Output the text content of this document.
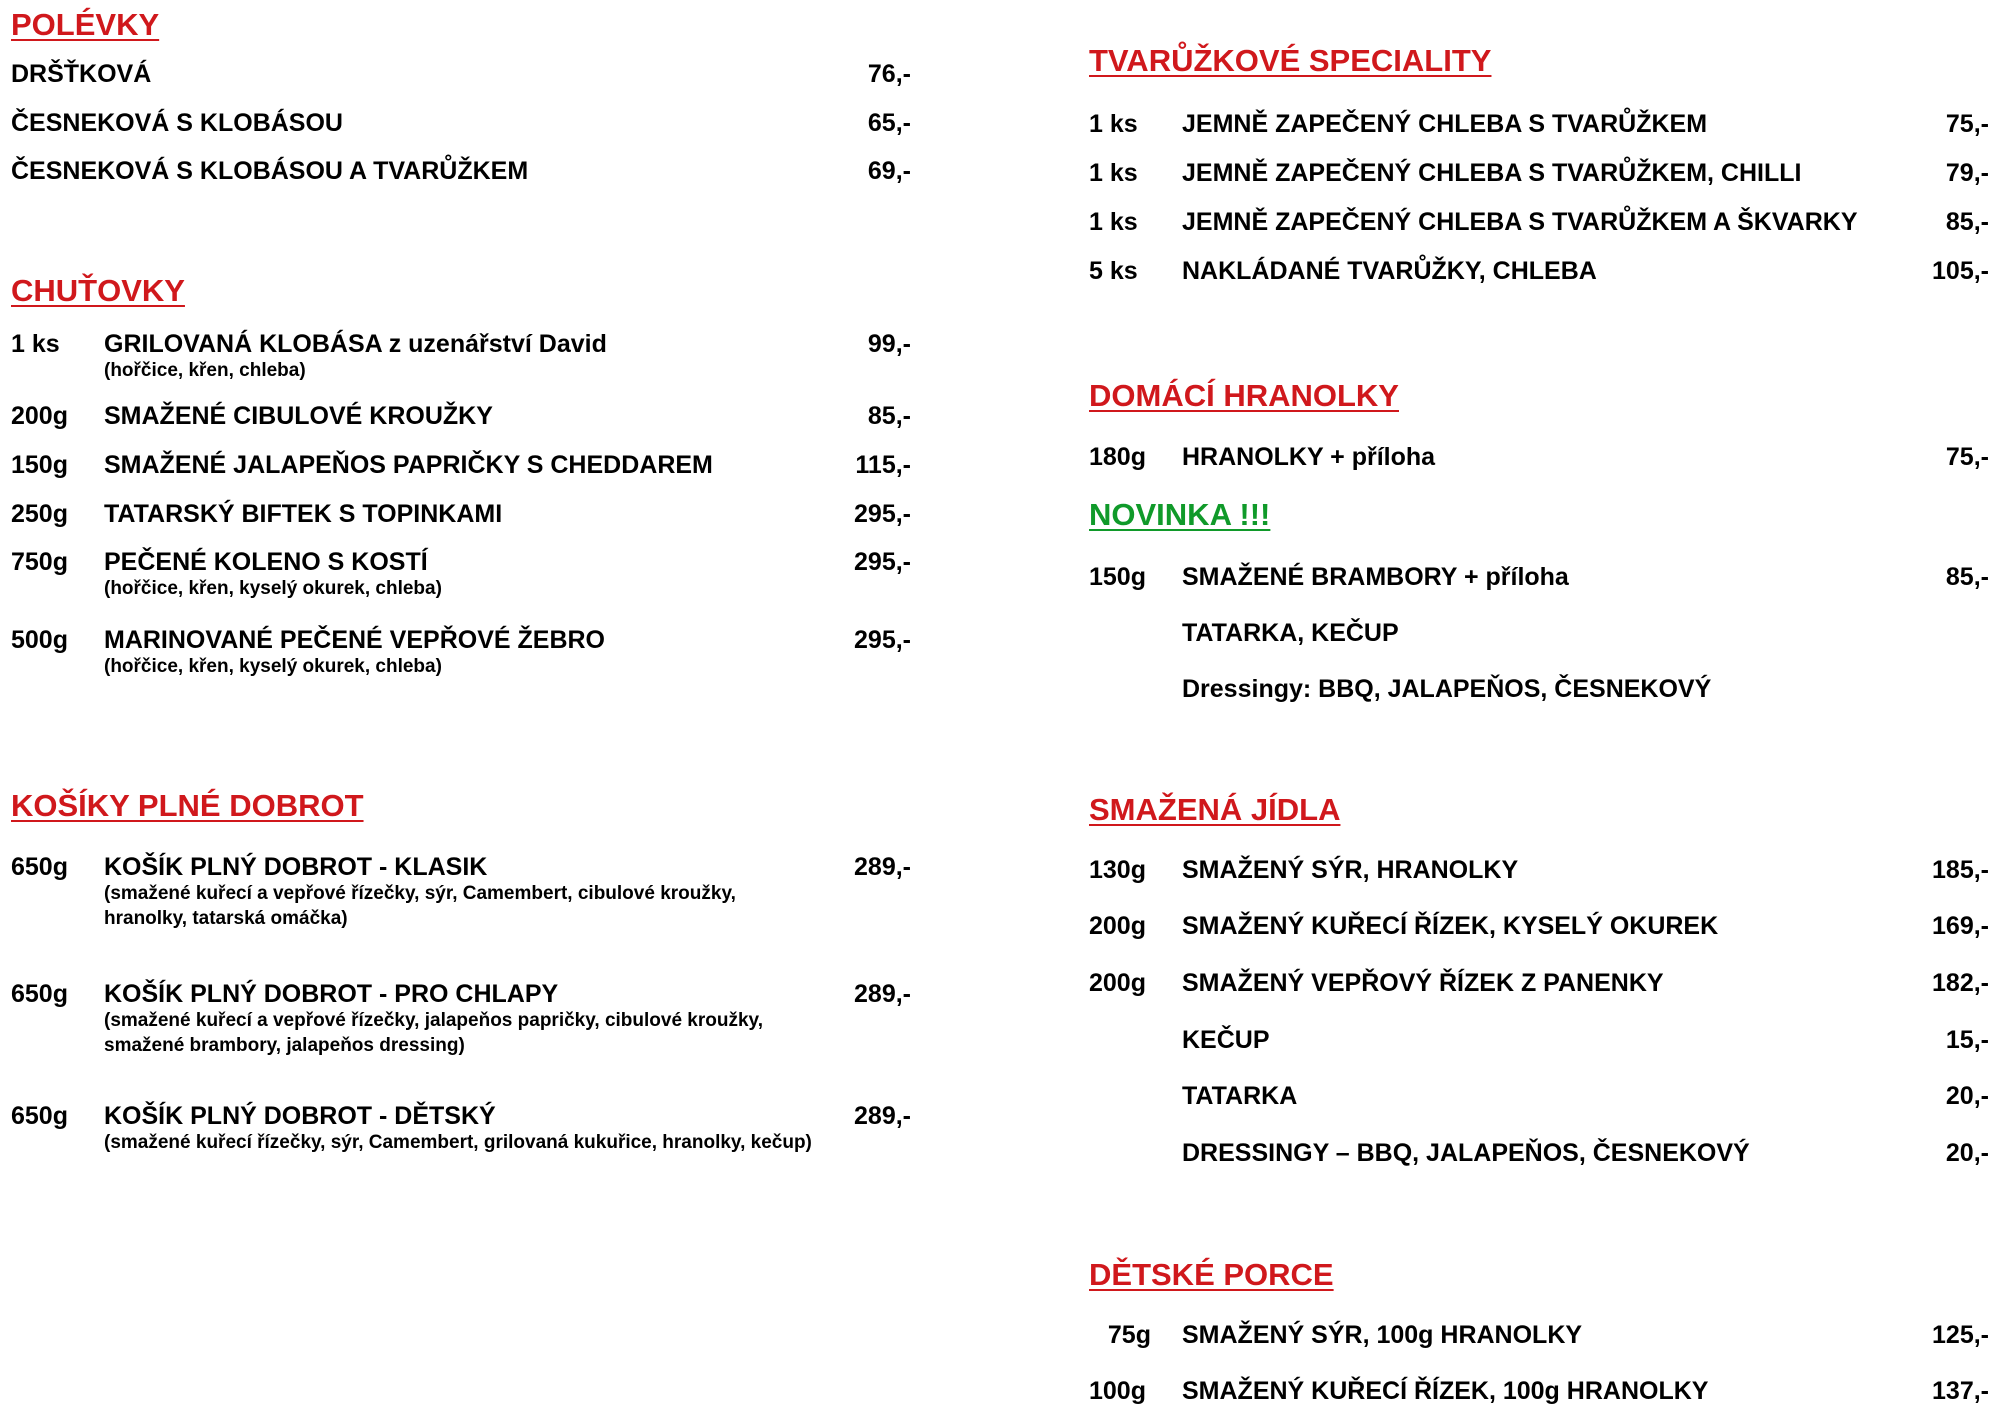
POLÉVKY
DRŠŤKOVÁ	76,-
ČESNEKOVÁ S KLOBÁSOU	65,-
ČESNEKOVÁ S KLOBÁSOU A TVARŮŽKEM	69,-
CHUŤOVKY
1 ks GRILOVANÁ KLOBÁSA z uzenářství David	99,-
(hořčice, křen, chleba)
200g SMAŽENÉ CIBULOVÉ KROUŽKY	85,-
150g SMAŽENÉ JALAPEŇOS PAPRIČKY S CHEDDAREM	115,-
250g TATARSKÝ BIFTEK S TOPINKAMI	295,-
750g PEČENÉ KOLENO S KOSTÍ	295,-
(hořčice, křen, kyselý okurek, chleba)
500g MARINOVANÉ PEČENÉ VEPŘOVÉ ŽEBRO	295,-
(hořčice, křen, kyselý okurek, chleba)
KOŠÍKY PLNÉ DOBROT
650g KOŠÍK PLNÝ DOBROT - KLASIK	289,-
(smažené kuřecí a vepřové řízečky, sýr, Camembert, cibulové kroužky, hranolky, tatarská omáčka)
650g KOŠÍK PLNÝ DOBROT - PRO CHLAPY	289,-
(smažené kuřecí a vepřové řízečky, jalapeňos papričky, cibulové kroužky, smažené brambory, jalapeňos dressing)
650g KOŠÍK PLNÝ DOBROT - DĚTSKÝ	289,-
(smažené kuřecí řízečky, sýr, Camembert, grilovaná kukuřice, hranolky, kečup)
TVARŮŽKOVÉ SPECIALITY
1 ks JEMNĚ ZAPEČENÝ CHLEBA S TVARŮŽKEM	75,-
1 ks JEMNĚ ZAPEČENÝ CHLEBA S TVARŮŽKEM, CHILLI	79,-
1 ks JEMNĚ ZAPEČENÝ CHLEBA S TVARŮŽKEM A ŠKVARKY	85,-
5 ks NAKLÁDANÉ TVARŮŽKY, CHLEBA	105,-
DOMÁCÍ HRANOLKY
180g HRANOLKY + příloha	75,-
NOVINKA !!!
150g SMAŽENÉ BRAMBORY + příloha	85,-
TATARKA, KEČUP
Dressingy: BBQ, JALAPEŇOS, ČESNEKOVÝ
SMAŽENÁ JÍDLA
130g SMAŽENÝ SÝR, HRANOLKY	185,-
200g SMAŽENÝ KUŘECÍ ŘÍZEK, KYSELÝ OKUREK	169,-
200g SMAŽENÝ VEPŘOVÝ ŘÍZEK Z PANENKY	182,-
KEČUP	15,-
TATARKA	20,-
DRESSINGY – BBQ, JALAPEŇOS, ČESNEKOVÝ	20,-
DĚTSKÉ PORCE
75g SMAŽENÝ SÝR, 100g HRANOLKY	125,-
100g SMAŽENÝ KUŘECÍ ŘÍZEK, 100g HRANOLKY	137,-
